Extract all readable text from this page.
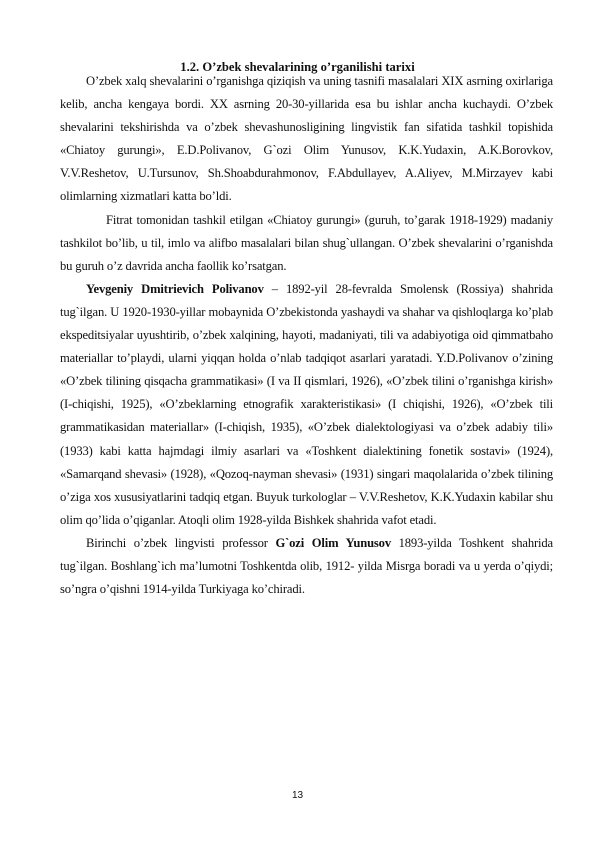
1.2. O’zbek shevalarining o’rganilishi tarixi

O’zbek xalq shevalarini o’rganishga qiziqish va uning tasnifi masalalari XIX asrning oxirlariga kelib, ancha kengaya bordi. XX asrning 20-30-yillarida esa bu ishlar ancha kuchaydi. O’zbek shevalarini tekshirishda va o’zbek shevashunosligining lingvistik fan sifatida tashkil topishida «Chiatoy gurungi», E.D.Polivanov, G`ozi Olim Yunusov, K.K.Yudaxin, A.K.Borovkov, V.V.Reshetov, U.Tursunov, Sh.Shoabdurahmonov, F.Abdullayev, A.Aliyev, M.Mirzayev kabi olimlarning xizmatlari katta bo’ldi.

Fitrat tomonidan tashkil etilgan «Chiatoy gurungi» (guruh, to’garak 1918-1929) madaniy tashkilot bo’lib, u til, imlo va alifbo masalalari bilan shug`ullangan. O’zbek shevalarini o’rganishda bu guruh o’z davrida ancha faollik ko’rsatgan.

Yevgeniy Dmitrievich Polivanov – 1892-yil 28-fevralda Smolensk (Rossiya) shahrida tug`ilgan. U 1920-1930-yillar mobaynida O’zbekistonda yashaydi va shahar va qishloqlarga ko’plab ekspeditsiyalar uyushtirib, o’zbek xalqining, hayoti, madaniyati, tili va adabiyotiga oid qimmatbaho materiallar to’playdi, ularni yiqqan holda o’nlab tadqiqot asarlari yaratadi. Y.D.Polivanov o’zining «O’zbek tilining qisqacha grammatikasi» (I va II qismlari, 1926), «O’zbek tilini o’rganishga kirish» (I-chiqishi, 1925), «O’zbeklarning etnografik xarakteristikasi» (I chiqishi, 1926), «O’zbek tili grammatikasidan materiallar» (I-chiqish, 1935), «O’zbek dialektologiyasi va o’zbek adabiy tili» (1933) kabi katta hajmdagi ilmiy asarlari va «Toshkent dialektining fonetik sostavi» (1924), «Samarqand shevasi» (1928), «Qozoq-nayman shevasi» (1931) singari maqolalarida o’zbek tilining o’ziga xos xususiyatlarini tadqiq etgan. Buyuk turkologlar – V.V.Reshetov, K.K.Yudaxin kabilar shu olim qo’lida o’qiganlar. Atoqli olim 1928-yilda Bishkek shahrida vafot etadi.

Birinchi o’zbek lingvisti professor G`ozi Olim Yunusov 1893-yilda Toshkent shahrida tug`ilgan. Boshlang`ich ma’lumotni Toshkentda olib, 1912- yilda Misrga boradi va u yerda o’qiydi; so’ngra o’qishni 1914-yilda Turkiyaga ko’chiradi.

13
